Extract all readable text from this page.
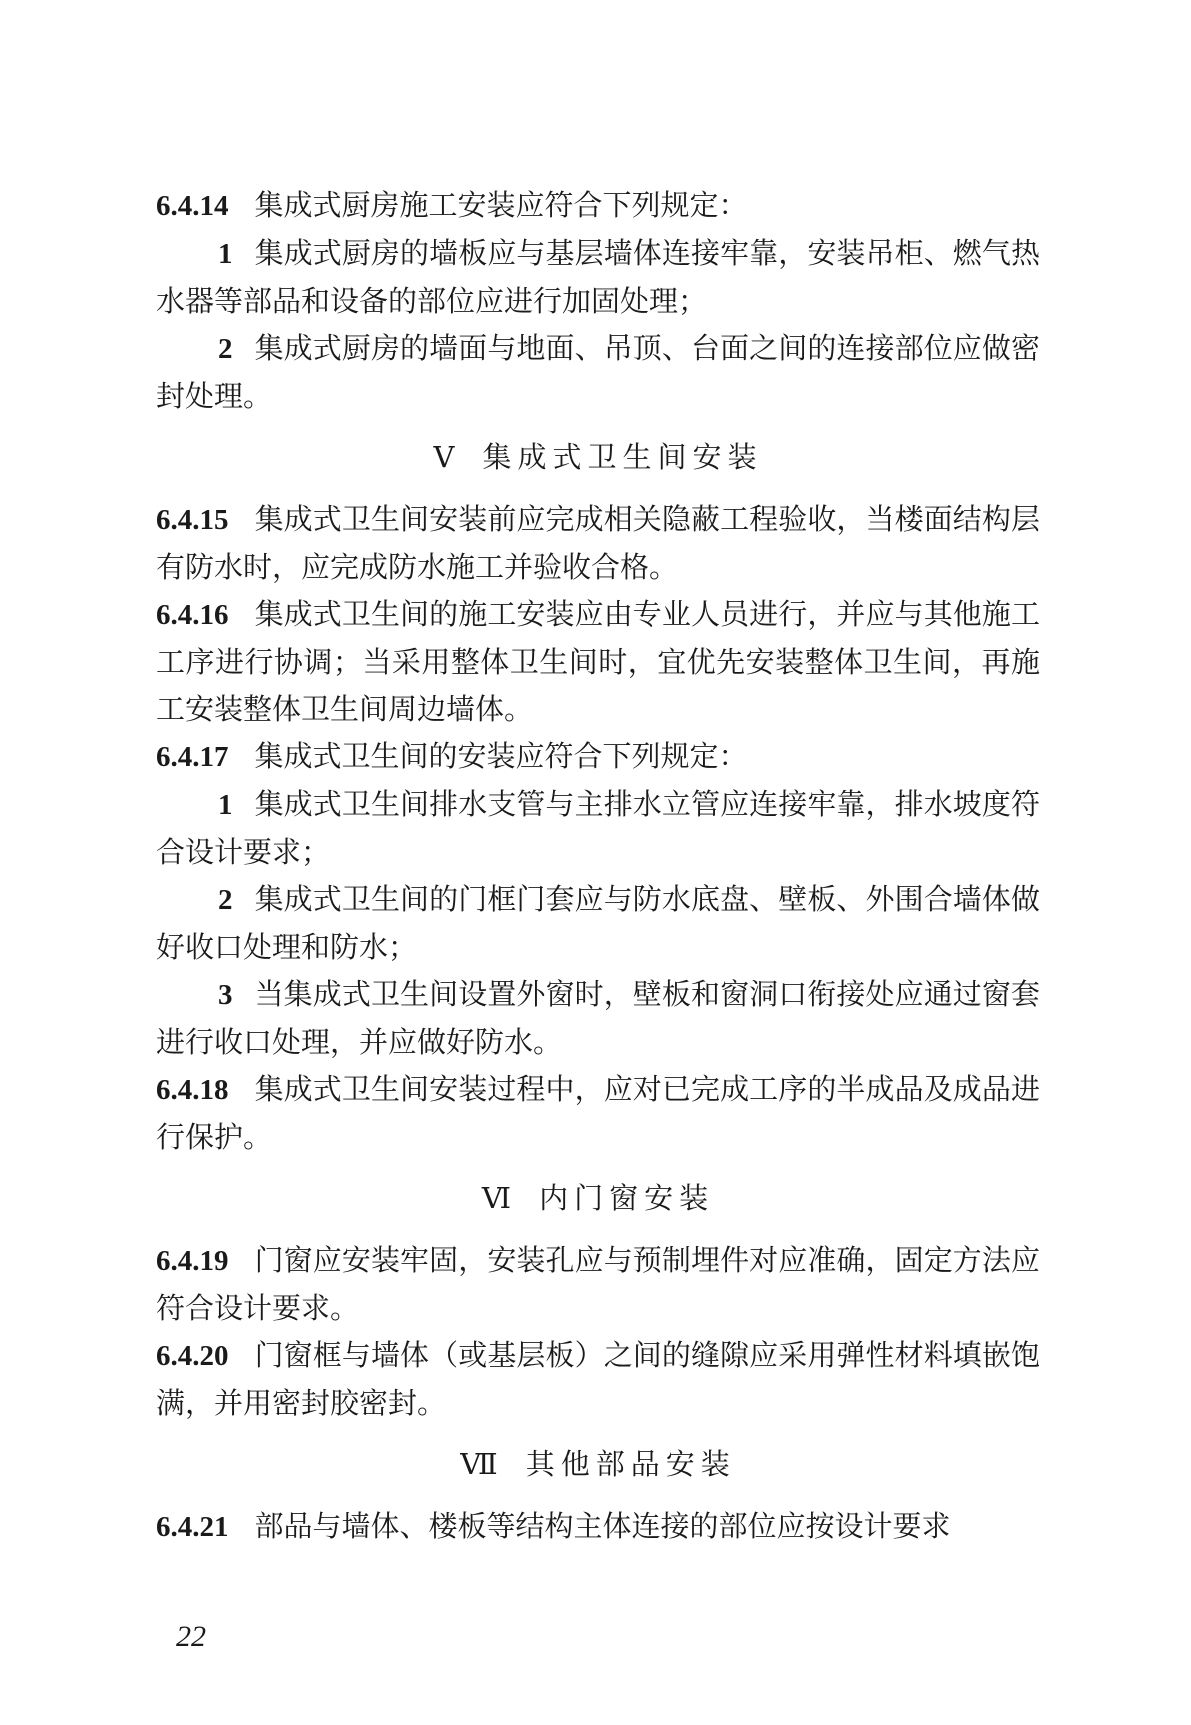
6.4.14 集成式厨房施工安装应符合下列规定：

1 集成式厨房的墙板应与基层墙体连接牢靠，安装吊柜、燃气热水器等部品和设备的部位应进行加固处理；

2 集成式厨房的墙面与地面、吊顶、台面之间的连接部位应做密封处理。

Ⅴ 集成式卫生间安装

6.4.15 集成式卫生间安装前应完成相关隐蔽工程验收，当楼面结构层有防水时，应完成防水施工并验收合格。

6.4.16 集成式卫生间的施工安装应由专业人员进行，并应与其他施工工序进行协调；当采用整体卫生间时，宜优先安装整体卫生间，再施工安装整体卫生间周边墙体。

6.4.17 集成式卫生间的安装应符合下列规定：

1 集成式卫生间排水支管与主排水立管应连接牢靠，排水坡度符合设计要求；

2 集成式卫生间的门框门套应与防水底盘、壁板、外围合墙体做好收口处理和防水；

3 当集成式卫生间设置外窗时，壁板和窗洞口衔接处应通过窗套进行收口处理，并应做好防水。

6.4.18 集成式卫生间安装过程中，应对已完成工序的半成品及成品进行保护。

Ⅵ 内门窗安装

6.4.19 门窗应安装牢固，安装孔应与预制埋件对应准确，固定方法应符合设计要求。

6.4.20 门窗框与墙体（或基层板）之间的缝隙应采用弹性材料填嵌饱满，并用密封胶密封。

Ⅶ 其他部品安装

6.4.21 部品与墙体、楼板等结构主体连接的部位应按设计要求

22
